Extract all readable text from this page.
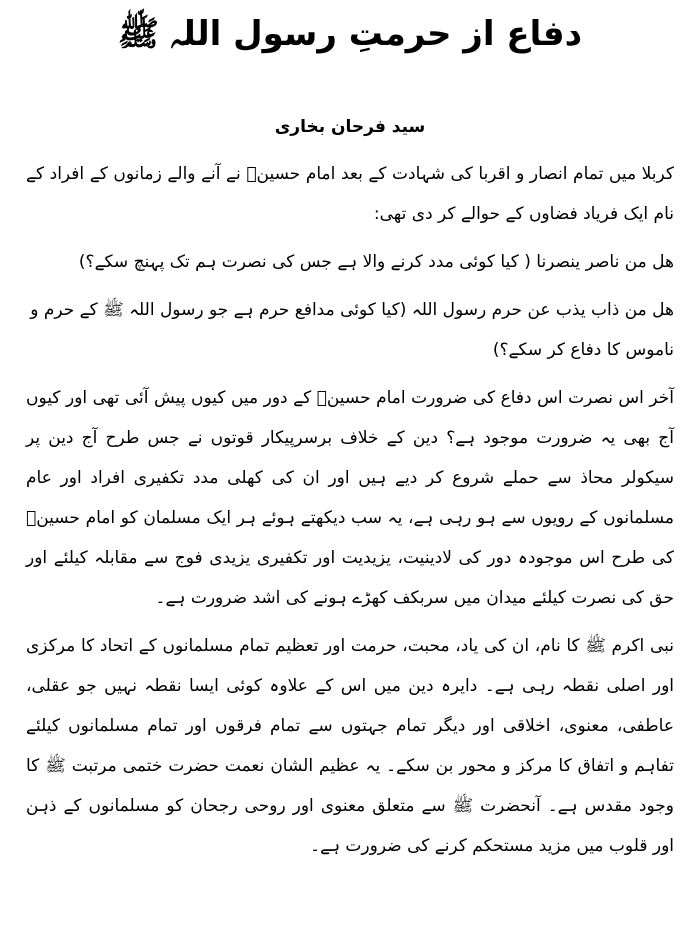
دفاع از حرمتِ رسول اللہ ﷺ
سید فرحان بخاری

کربلا میں تمام انصار و اقربا کی شہادت کے بعد امام حسینؑ نے آنے والے زمانوں کے افراد کے نام ایک فریاد فضاوں کے حوالے کر دی تھی:

ھل من ناصر ینصرنا ( کیا کوئی مدد کرنے والا ہے جس کی نصرت ہم تک پہنچ سکے؟)

ھل من ذاب یذب عن حرم رسول اللہ (کیا کوئی مدافع حرم ہے جو رسول اللہ ﷺ کے حرم و ناموس کا دفاع کر سکے؟)

آخر اس نصرت اس دفاع کی ضرورت امام حسینؑ کے دور میں کیوں پیش آئی تھی اور کیوں آج بھی یہ ضرورت موجود ہے؟ دین کے خلاف برسرپیکار قوتوں نے جس طرح آج دین پر سیکولر محاذ سے حملے شروع کر دیے ہیں اور ان کی کھلی مدد تکفیری افراد اور عام مسلمانوں کے رویوں سے ہو رہی ہے، یہ سب دیکھتے ہوئے ہر ایک مسلمان کو امام حسینؑ کی طرح اس موجودہ دور کی لادینیت، یزیدیت اور تکفیری یزیدی فوج سے مقابلہ کیلئے اور حق کی نصرت کیلئے میدان میں سربکف کھڑے ہونے کی اشد ضرورت ہے۔

نبی اکرم ﷺ کا نام، ان کی یاد، محبت، حرمت اور تعظیم تمام مسلمانوں کے اتحاد کا مرکزی اور اصلی نقطہ رہی ہے۔ دایرہ دین میں اس کے علاوہ کوئی ایسا نقطہ نہیں جو عقلی، عاطفی، معنوی، اخلاقی اور دیگر تمام جہتوں سے تمام فرقوں اور تمام مسلمانوں کیلئے تفاہم و اتفاق کا مرکز و محور بن سکے۔ یہ عظیم الشان نعمت حضرت ختمی مرتبت ﷺ کا وجود مقدس ہے۔ آنحضرت ﷺ سے متعلق معنوی اور روحی رجحان کو مسلمانوں کے ذہن اور قلوب میں مزید مستحکم کرنے کی ضرورت ہے۔
